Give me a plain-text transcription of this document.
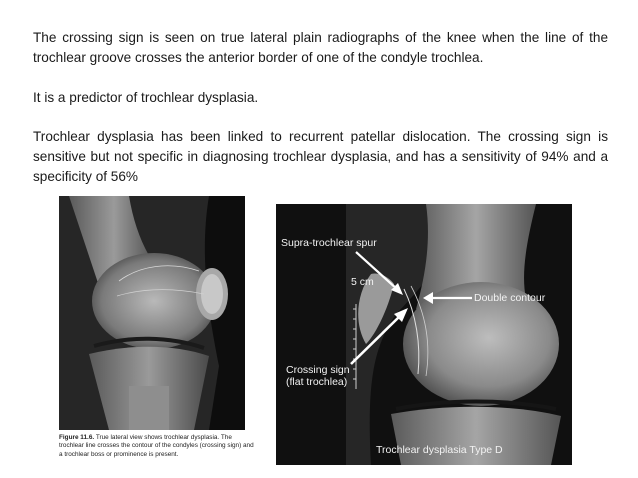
The crossing sign is seen on true lateral plain radiographs of the knee when the line of the trochlear groove crosses the anterior border of one of the condyle trochlea.

It is a predictor of trochlear dysplasia.

Trochlear dysplasia has been linked to recurrent patellar dislocation. The crossing sign is sensitive but not specific in diagnosing trochlear dysplasia, and has a sensitivity of 94% and a specificity of 56%

Figure 11.6. True lateral view shows trochlear dysplasia. The trochlear line crosses the contour of the condyles (crossing sign) and a trochlear boss or prominence is present.
Supra-trochlear spur
5 cm
Double contour
Crossing sign
(flat trochlea)
Trochlear dysplasia Type D
